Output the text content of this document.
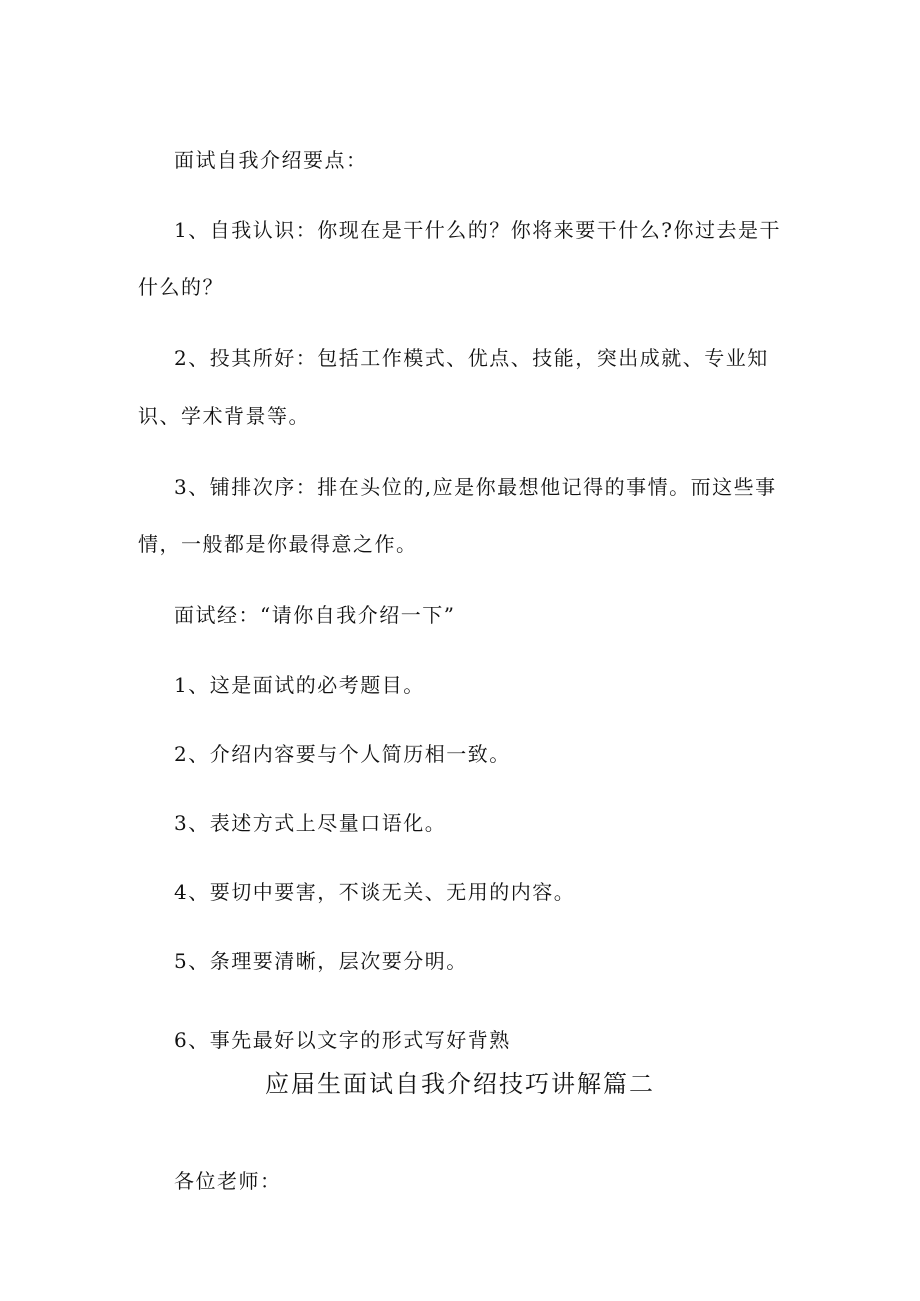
面试自我介绍要点：
1、自我认识：你现在是干什么的？你将来要干什么?你过去是干
什么的？
2、投其所好：包括工作模式、优点、技能，突出成就、专业知
识、学术背景等。
3、铺排次序：排在头位的,应是你最想他记得的事情。而这些事
情，一般都是你最得意之作。
面试经：“请你自我介绍一下”
1、这是面试的必考题目。
2、介绍内容要与个人简历相一致。
3、表述方式上尽量口语化。
4、要切中要害，不谈无关、无用的内容。
5、条理要清晰，层次要分明。
6、事先最好以文字的形式写好背熟
应届生面试自我介绍技巧讲解篇二
各位老师：
